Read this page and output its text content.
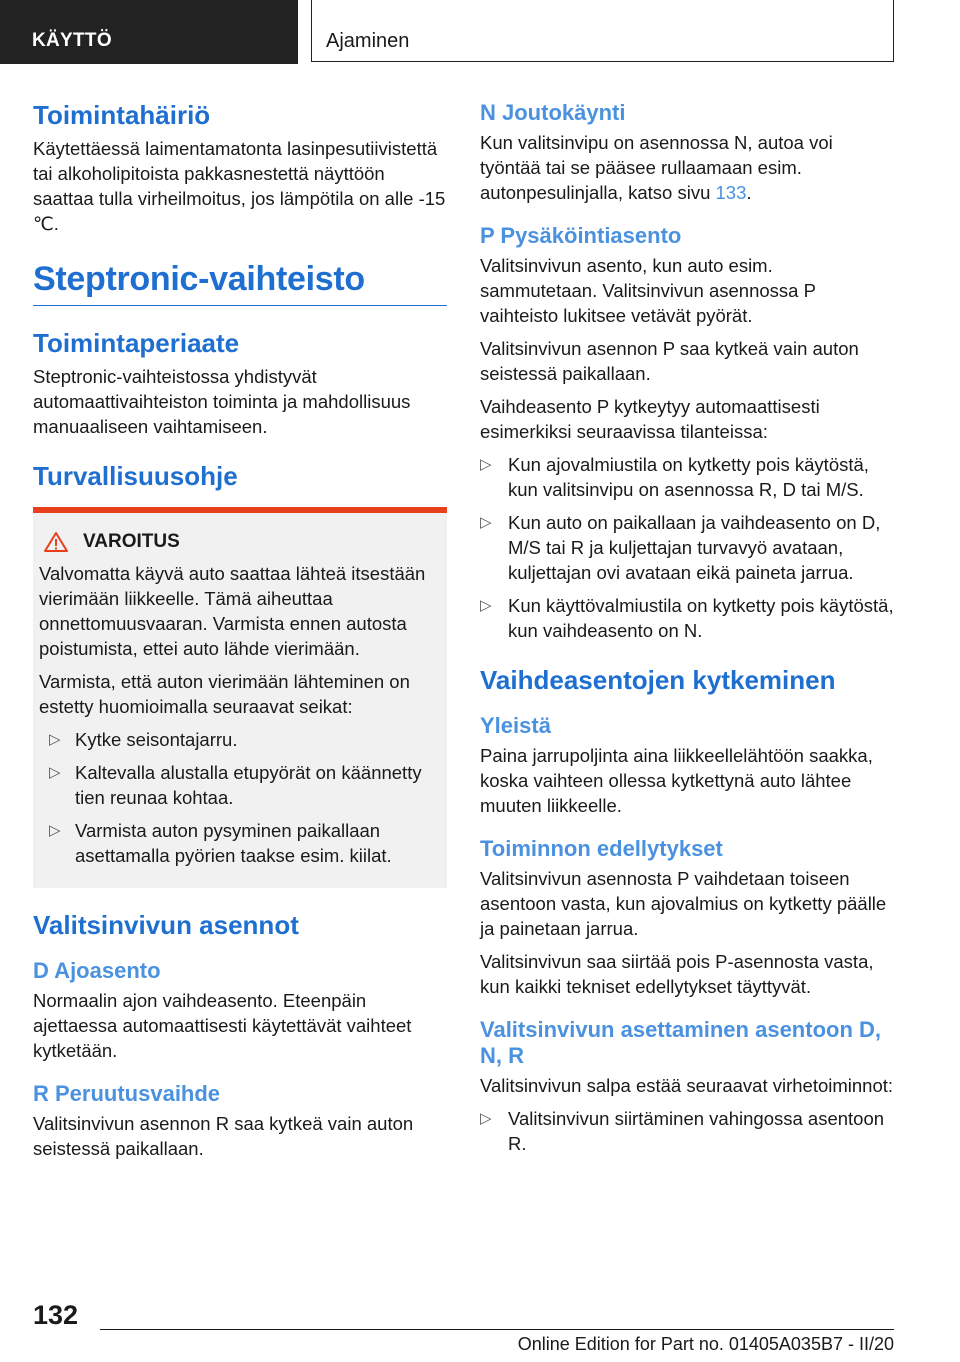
KÄYTTÖ	Ajaminen
Toimintahäiriö

Käytettäessä laimentamatonta lasinpesutiivistettä tai alkoholipitoista pakkasnestettä näyttöön saattaa tulla virheilmoitus, jos lämpötila on alle -15 ℃.

Steptronic-vaihteisto
Toimintaperiaate

Steptronic-vaihteistossa yhdistyvät automaattivaihteiston toiminta ja mahdollisuus manuaaliseen vaihtamiseen.

Turvallisuusohje
VAROITUS

Valvomatta käyvä auto saattaa lähteä itsestään vierimään liikkeelle. Tämä aiheuttaa onnettomuusvaaran. Varmista ennen autosta poistumista, ettei auto lähde vierimään.

Varmista, että auton vierimään lähteminen on estetty huomioimalla seuraavat seikat:

▷ Kytke seisontajarru.
▷ Kaltevalla alustalla etupyörät on käännetty tien reunaa kohtaa.
▷ Varmista auton pysyminen paikallaan asettamalla pyörien taakse esim. kiilat.
Valitsinvivun asennot
D Ajoasento

Normaalin ajon vaihdeasento. Eteenpäin ajettaessa automaattisesti käytettävät vaihteet kytketään.

R Peruutusvaihde

Valitsinvivun asennon R saa kytkeä vain auton seistessä paikallaan.

N Joutokäynti

Kun valitsinvipu on asennossa N, autoa voi työntää tai se pääsee rullaamaan esim. autonpesulinjalla, katso sivu 133.

P Pysäköintiasento

Valitsinvivun asento, kun auto esim. sammutetaan. Valitsinvivun asennossa P vaihteisto lukitsee vetävät pyörät.

Valitsinvivun asennon P saa kytkeä vain auton seistessä paikallaan.

Vaihdeasento P kytkeytyy automaattisesti esimerkiksi seuraavissa tilanteissa:

▷ Kun ajovalmiustila on kytketty pois käytöstä, kun valitsinvipu on asennossa R, D tai M/S.
▷ Kun auto on paikallaan ja vaihdeasento on D, M/S tai R ja kuljettajan turvavyö avataan, kuljettajan ovi avataan eikä paineta jarrua.
▷ Kun käyttövalmiustila on kytketty pois käytöstä, kun vaihdeasento on N.
Vaihdeasentojen kytkeminen
Yleistä

Paina jarrupoljinta aina liikkeellelähtöön saakka, koska vaihteen ollessa kytkettynä auto lähtee muuten liikkeelle.

Toiminnon edellytykset

Valitsinvivun asennosta P vaihdetaan toiseen asentoon vasta, kun ajovalmius on kytketty päälle ja painetaan jarrua.

Valitsinvivun saa siirtää pois P-asennosta vasta, kun kaikki tekniset edellytykset täyttyvät.

Valitsinvivun asettaminen asentoon D, N, R

Valitsinvivun salpa estää seuraavat virhetoiminnot:

▷ Valitsinvivun siirtäminen vahingossa asentoon R.
132
Online Edition for Part no. 01405A035B7 - II/20
